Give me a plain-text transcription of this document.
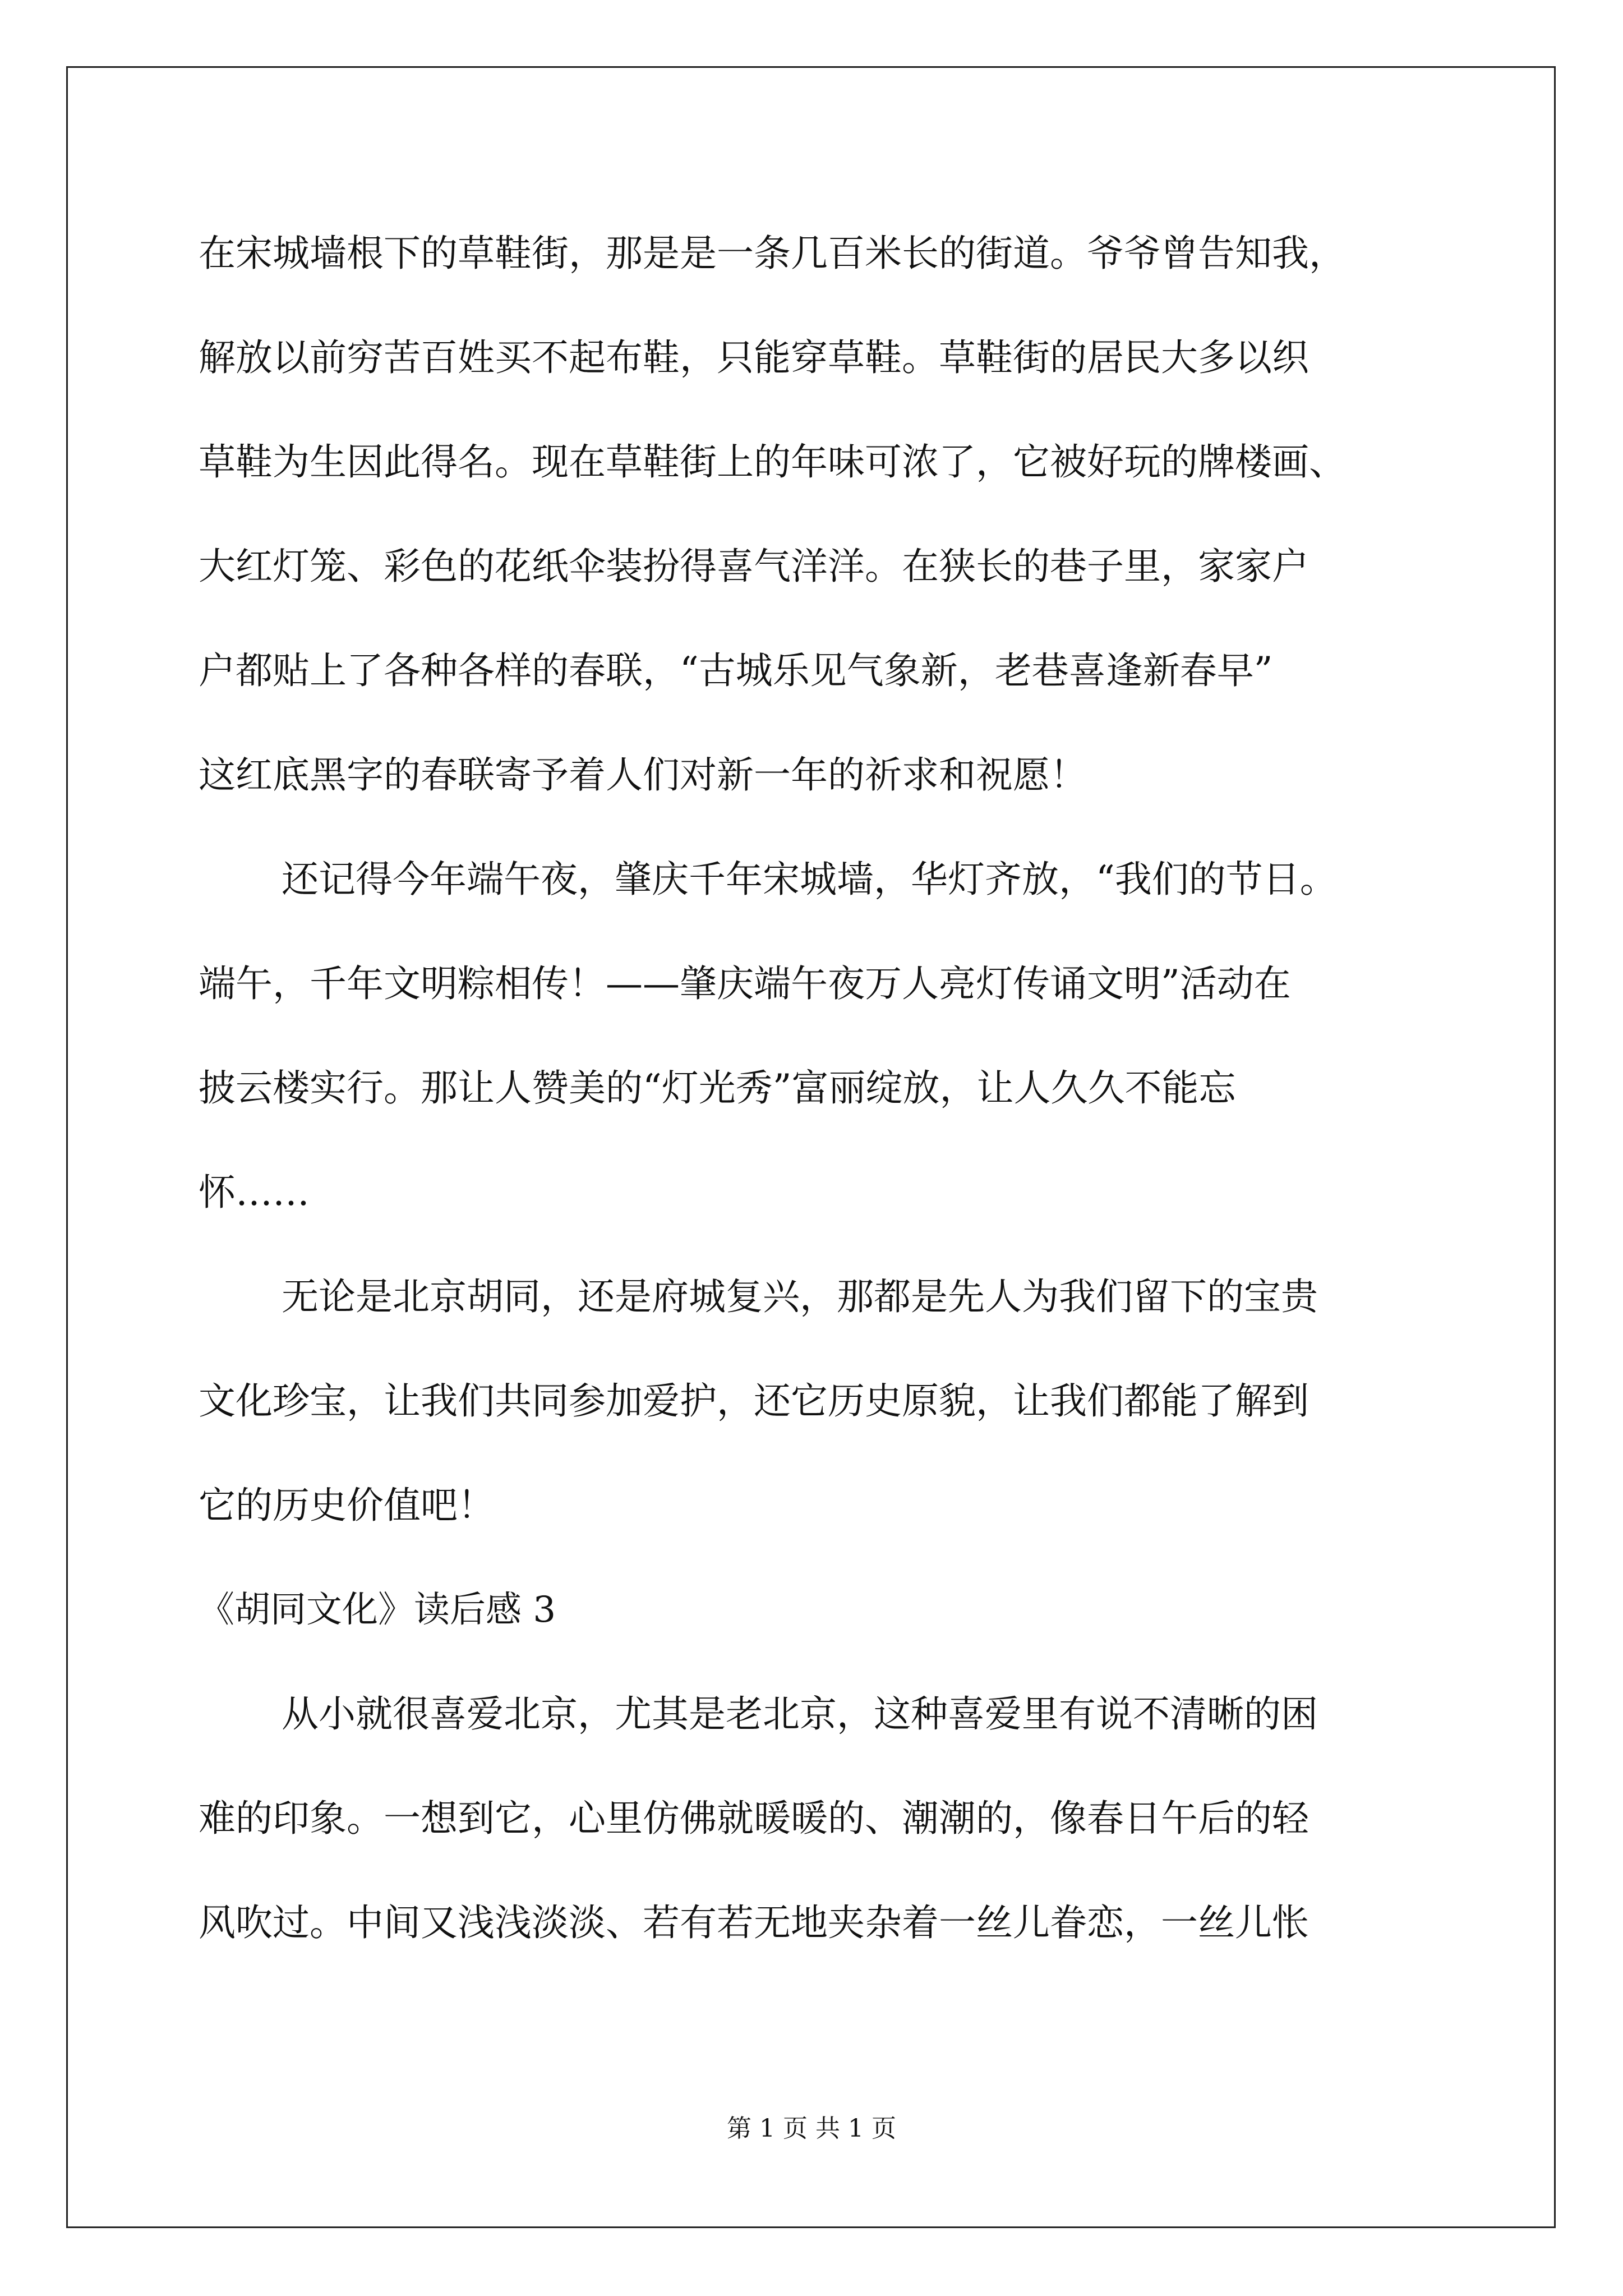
在宋城墙根下的草鞋街，那是是一条几百米长的街道。爷爷曾告知我，
解放以前穷苦百姓买不起布鞋，只能穿草鞋。草鞋街的居民大多以织
草鞋为生因此得名。现在草鞋街上的年味可浓了，它被好玩的牌楼画、
大红灯笼、彩色的花纸伞装扮得喜气洋洋。在狭长的巷子里，家家户
户都贴上了各种各样的春联，“古城乐见气象新，老巷喜逢新春早”
这红底黑字的春联寄予着人们对新一年的祈求和祝愿！
还记得今年端午夜，肇庆千年宋城墙，华灯齐放，“我们的节日。
端午，千年文明粽相传！——肇庆端午夜万人亮灯传诵文明”活动在
披云楼实行。那让人赞美的“灯光秀”富丽绽放，让人久久不能忘
怀……
无论是北京胡同，还是府城复兴，那都是先人为我们留下的宝贵
文化珍宝，让我们共同参加爱护，还它历史原貌，让我们都能了解到
它的历史价值吧！
《胡同文化》读后感 3
从小就很喜爱北京，尤其是老北京，这种喜爱里有说不清晰的困
难的印象。一想到它，心里仿佛就暖暖的、潮潮的，像春日午后的轻
风吹过。中间又浅浅淡淡、若有若无地夹杂着一丝儿眷恋，一丝儿怅
第 1 页 共 1 页
